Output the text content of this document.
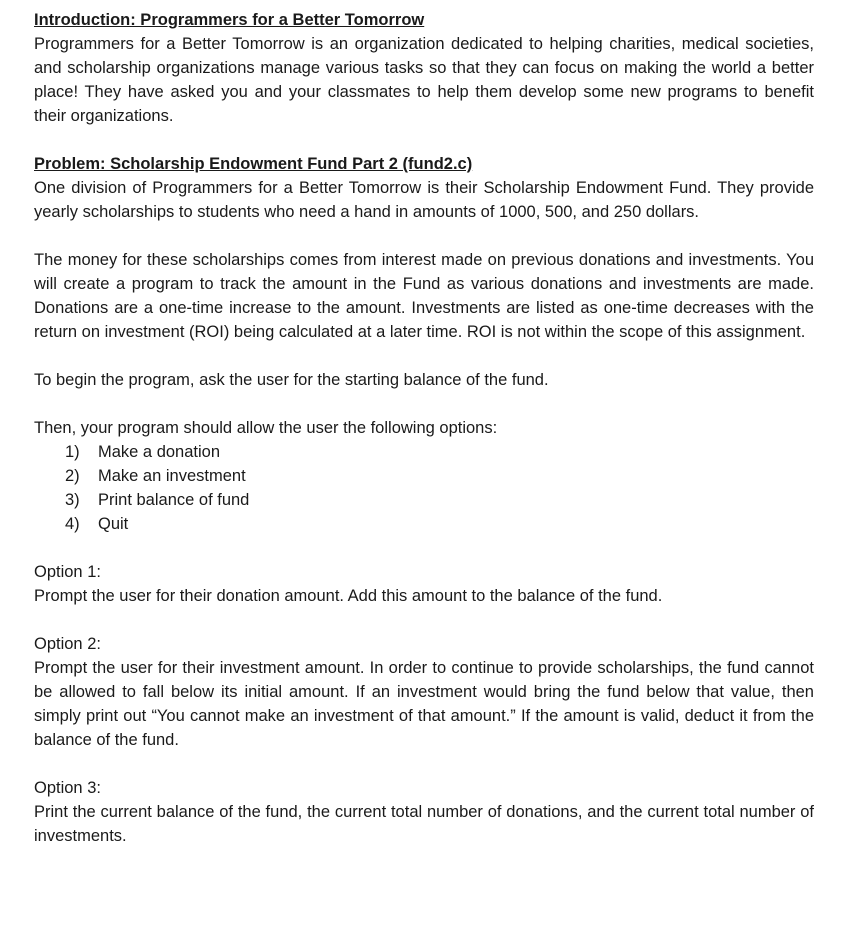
Introduction: Programmers for a Better Tomorrow

Programmers for a Better Tomorrow is an organization dedicated to helping charities, medical societies, and scholarship organizations manage various tasks so that they can focus on making the world a better place! They have asked you and your classmates to help them develop some new programs to benefit their organizations.

Problem: Scholarship Endowment Fund Part 2 (fund2.c)

One division of Programmers for a Better Tomorrow is their Scholarship Endowment Fund. They provide yearly scholarships to students who need a hand in amounts of 1000, 500, and 250 dollars.

The money for these scholarships comes from interest made on previous donations and investments. You will create a program to track the amount in the Fund as various donations and investments are made. Donations are a one-time increase to the amount. Investments are listed as one-time decreases with the return on investment (ROI) being calculated at a later time. ROI is not within the scope of this assignment.

To begin the program, ask the user for the starting balance of the fund.

Then, your program should allow the user the following options:

1)	Make a donation
2)	Make an investment
3)	Print balance of fund
4)	Quit

Option 1:

Prompt the user for their donation amount. Add this amount to the balance of the fund.

Option 2:

Prompt the user for their investment amount. In order to continue to provide scholarships, the fund cannot be allowed to fall below its initial amount. If an investment would bring the fund below that value, then simply print out “You cannot make an investment of that amount.” If the amount is valid, deduct it from the balance of the fund.

Option 3:

Print the current balance of the fund, the current total number of donations, and the current total number of investments.
